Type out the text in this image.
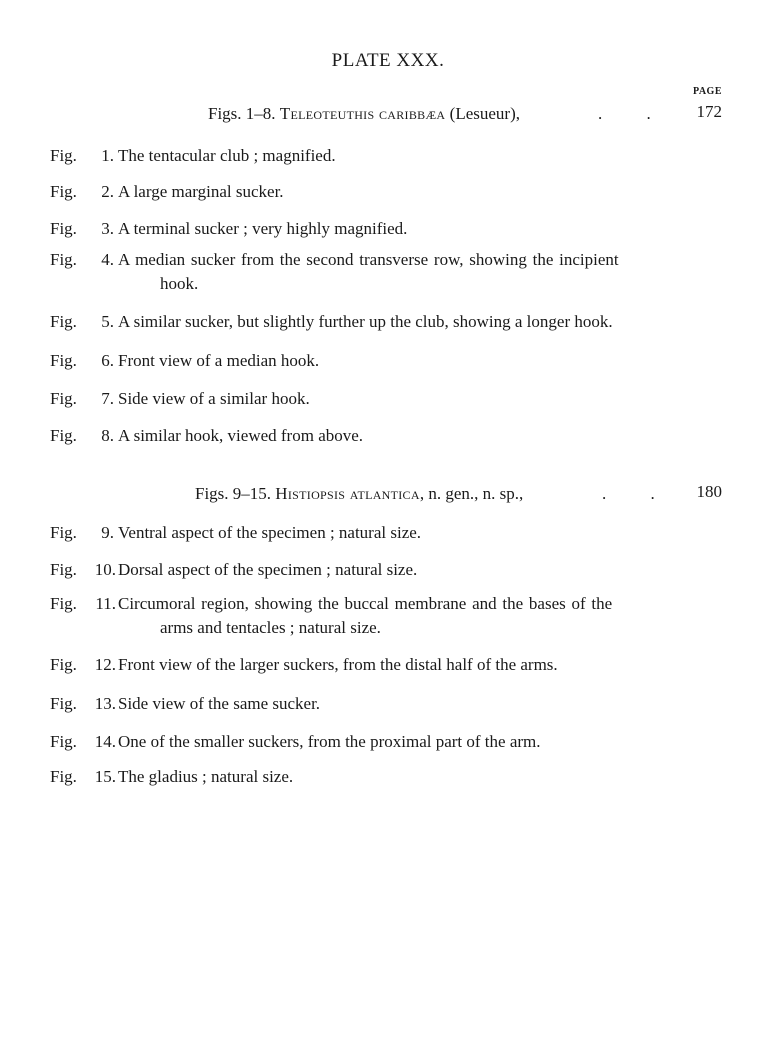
PLATE XXX.
PAGE
Figs. 1–8. Teleoteuthis caribbæa (Lesueur),	. .	172
Fig.	1. The tentacular club ; magnified.
Fig.	2. A large marginal sucker.
Fig.	3. A terminal sucker ; very highly magnified.
Fig.	4. A median sucker from the second transverse row, showing the incipient
hook.
Fig.	5. A similar sucker, but slightly further up the club, showing a longer hook.
Fig.	6. Front view of a median hook.
Fig.	7. Side view of a similar hook.
Fig.	8. A similar hook, viewed from above.
Figs. 9–15. Histiopsis atlantica, n. gen., n. sp.,	. . 180
Fig.	9. Ventral aspect of the specimen ; natural size.
Fig.	10. Dorsal aspect of the specimen ; natural size.
Fig.	11. Circumoral region, showing the buccal membrane and the bases of the
arms and tentacles ; natural size.
Fig.	12. Front view of the larger suckers, from the distal half of the arms.
Fig.	13. Side view of the same sucker.
Fig.	14. One of the smaller suckers, from the proximal part of the arm.
Fig.	15. The gladius ; natural size.
